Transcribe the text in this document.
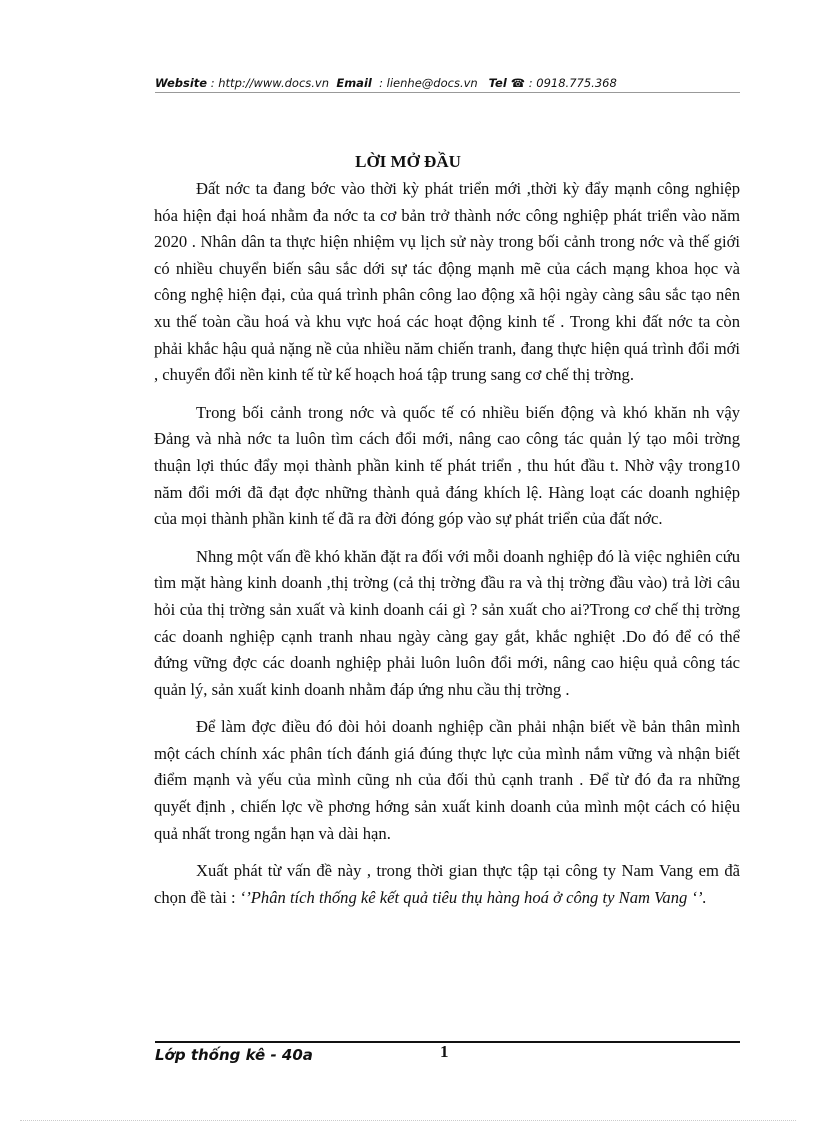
Website : http://www.docs.vn Email : lienhe@docs.vn Tel ☎ : 0918.775.368
LỜI MỞ ĐẦU

Đất nớc ta đang bớc vào thời kỳ phát triển mới ,thời kỳ đẩy mạnh công nghiệp hóa hiện đại hoá nhằm đa nớc ta cơ bản trở thành nớc công nghiệp phát triển vào năm 2020 . Nhân dân ta thực hiện nhiệm vụ lịch sử này trong bối cảnh trong nớc và thế giới có nhiều chuyển biến sâu sắc dới sự tác động mạnh mẽ của cách mạng khoa học và công nghệ hiện đại, của quá trình phân công lao động xã hội ngày càng sâu sắc tạo nên xu thế toàn cầu hoá và khu vực hoá các hoạt động kinh tế . Trong khi đất nớc ta còn phải khắc hậu quả nặng nề của nhiều năm chiến tranh, đang thực hiện quá trình đổi mới , chuyển đổi nền kinh tế từ kế hoạch hoá tập trung sang cơ chế thị trờng.

Trong bối cảnh trong nớc và quốc tế có nhiều biến động và khó khăn nh vậy Đảng và nhà nớc ta luôn tìm cách đổi mới, nâng cao công tác quản lý tạo môi trờng thuận lợi thúc đẩy mọi thành phần kinh tế phát triển , thu hút đầu t. Nhờ vậy trong10 năm đổi mới đã đạt đợc những thành quả đáng khích lệ. Hàng loạt các doanh nghiệp của mọi thành phần kinh tế đã ra đời đóng góp vào sự phát triển của đất nớc.

Nhng một vấn đề khó khăn đặt ra đối với mỗi doanh nghiệp đó là việc nghiên cứu tìm mặt hàng kinh doanh ,thị trờng (cả thị trờng đầu ra và thị trờng đầu vào) trả lời câu hỏi của thị trờng sản xuất và kinh doanh cái gì ? sản xuất cho ai?Trong cơ chế thị trờng các doanh nghiệp cạnh tranh nhau ngày càng gay gắt, khắc nghiệt .Do đó để có thể đứng vững đợc các doanh nghiệp phải luôn luôn đổi mới, nâng cao hiệu quả công tác quản lý, sản xuất kinh doanh nhằm đáp ứng nhu cầu thị trờng .

Để làm đợc điều đó đòi hỏi doanh nghiệp cần phải nhận biết về bản thân mình một cách chính xác phân tích đánh giá đúng thực lực của mình nắm vững và nhận biết điểm mạnh và yếu của mình cũng nh của đối thủ cạnh tranh . Để từ đó đa ra những quyết định , chiến lợc về phơng hớng sản xuất kinh doanh của mình một cách có hiệu quả nhất trong ngắn hạn và dài hạn.

Xuất phát từ vấn đề này , trong thời gian thực tập tại công ty Nam Vang em đã chọn đề tài : ‘’Phân tích thống kê kết quả tiêu thụ hàng hoá ở công ty Nam Vang ‘’.

Lớp thống kê - 40a	1
